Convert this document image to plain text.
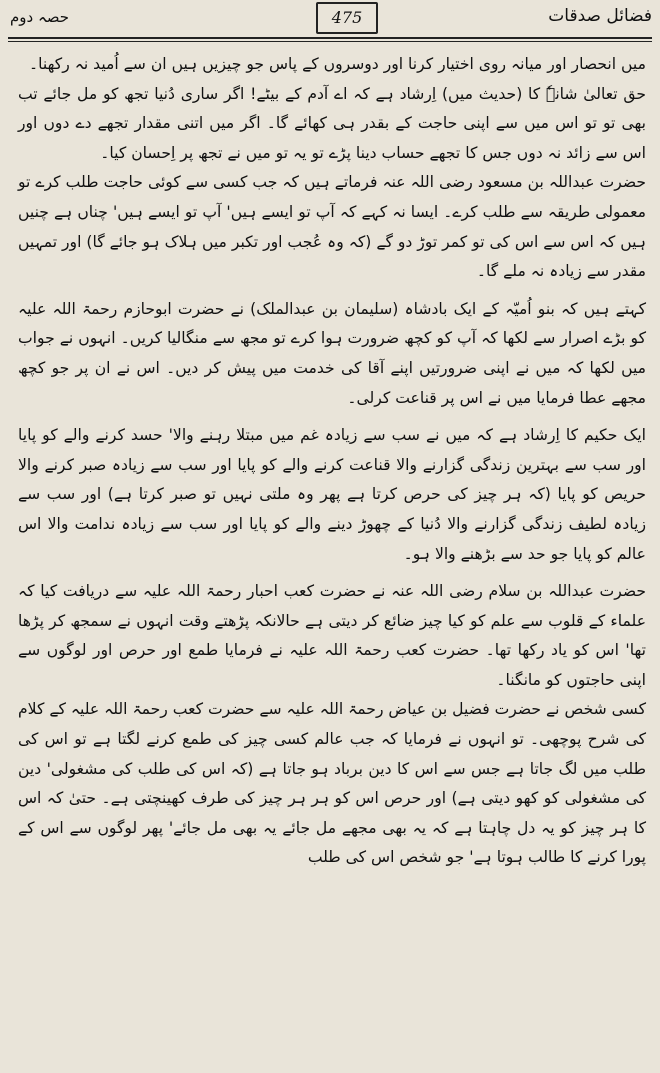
فضائل صدقات
475
حصہ دوم

میں انحصار اور میانہ روی اختیار کرنا اور دوسروں کے پاس جو چیزیں ہیں ان سے اُمید نہ رکھنا۔

حق تعالیٰ شانہٗ کا (حدیث میں) اِرشاد ہے کہ اے آدم کے بیٹے! اگر ساری دُنیا تجھ کو مل جائے تب بھی تو تو اس میں سے اپنی حاجت کے بقدر ہی کھائے گا۔ اگر میں اتنی مقدار تجھے دے دوں اور اس سے زائد نہ دوں جس کا تجھے حساب دینا پڑے تو یہ تو میں نے تجھ پر اِحسان کیا۔

حضرت عبداللہ بن مسعود رضی اللہ عنہ فرماتے ہیں کہ جب کسی سے کوئی حاجت طلب کرے تو معمولی طریقہ سے طلب کرے۔ ایسا نہ کہے کہ آپ تو ایسے ہیں' آپ تو ایسے ہیں' چناں ہے چنیں ہیں کہ اس سے اس کی تو کمر توڑ دو گے (کہ وہ عُجب اور تکبر میں ہلاک ہو جائے گا) اور تمہیں مقدر سے زیادہ نہ ملے گا۔

کہتے ہیں کہ بنو اُمیّہ کے ایک بادشاہ (سلیمان بن عبدالملک) نے حضرت ابوحازم رحمۃ اللہ علیہ کو بڑے اصرار سے لکھا کہ آپ کو کچھ ضرورت ہوا کرے تو مجھ سے منگالیا کریں۔ انہوں نے جواب میں لکھا کہ میں نے اپنی ضرورتیں اپنے آقا کی خدمت میں پیش کر دیں۔ اس نے ان پر جو کچھ مجھے عطا فرمایا میں نے اس پر قناعت کرلی۔

ایک حکیم کا اِرشاد ہے کہ میں نے سب سے زیادہ غم میں مبتلا رہنے والا' حسد کرنے والے کو پایا اور سب سے بہترین زندگی گزارنے والا قناعت کرنے والے کو پایا اور سب سے زیادہ صبر کرنے والا حریص کو پایا (کہ ہر چیز کی حرص کرتا ہے پھر وہ ملتی نہیں تو صبر کرتا ہے) اور سب سے زیادہ لطیف زندگی گزارنے والا دُنیا کے چھوڑ دینے والے کو پایا اور سب سے زیادہ ندامت والا اس عالم کو پایا جو حد سے بڑھنے والا ہو۔

حضرت عبداللہ بن سلام رضی اللہ عنہ نے حضرت کعب احبار رحمۃ اللہ علیہ سے دریافت کیا کہ علماء کے قلوب سے علم کو کیا چیز ضائع کر دیتی ہے حالانکہ پڑھتے وقت انہوں نے سمجھ کر پڑھا تھا' اس کو یاد رکھا تھا۔ حضرت کعب رحمۃ اللہ علیہ نے فرمایا طمع اور حرص اور لوگوں سے اپنی حاجتوں کو مانگنا۔

کسی شخص نے حضرت فضیل بن عیاض رحمۃ اللہ علیہ سے حضرت کعب رحمۃ اللہ علیہ کے کلام کی شرح پوچھی۔ تو انہوں نے فرمایا کہ جب عالم کسی چیز کی طمع کرنے لگتا ہے تو اس کی طلب میں لگ جاتا ہے جس سے اس کا دین برباد ہو جاتا ہے (کہ اس کی طلب کی مشغولی' دین کی مشغولی کو کھو دیتی ہے) اور حرص اس کو ہر ہر چیز کی طرف کھینچتی ہے۔ حتیٰ کہ اس کا ہر چیز کو یہ دل چاہتا ہے کہ یہ بھی مجھے مل جائے یہ بھی مل جائے' پھر لوگوں سے اس کے پورا کرنے کا طالب ہوتا ہے' جو شخص اس کی طلب
